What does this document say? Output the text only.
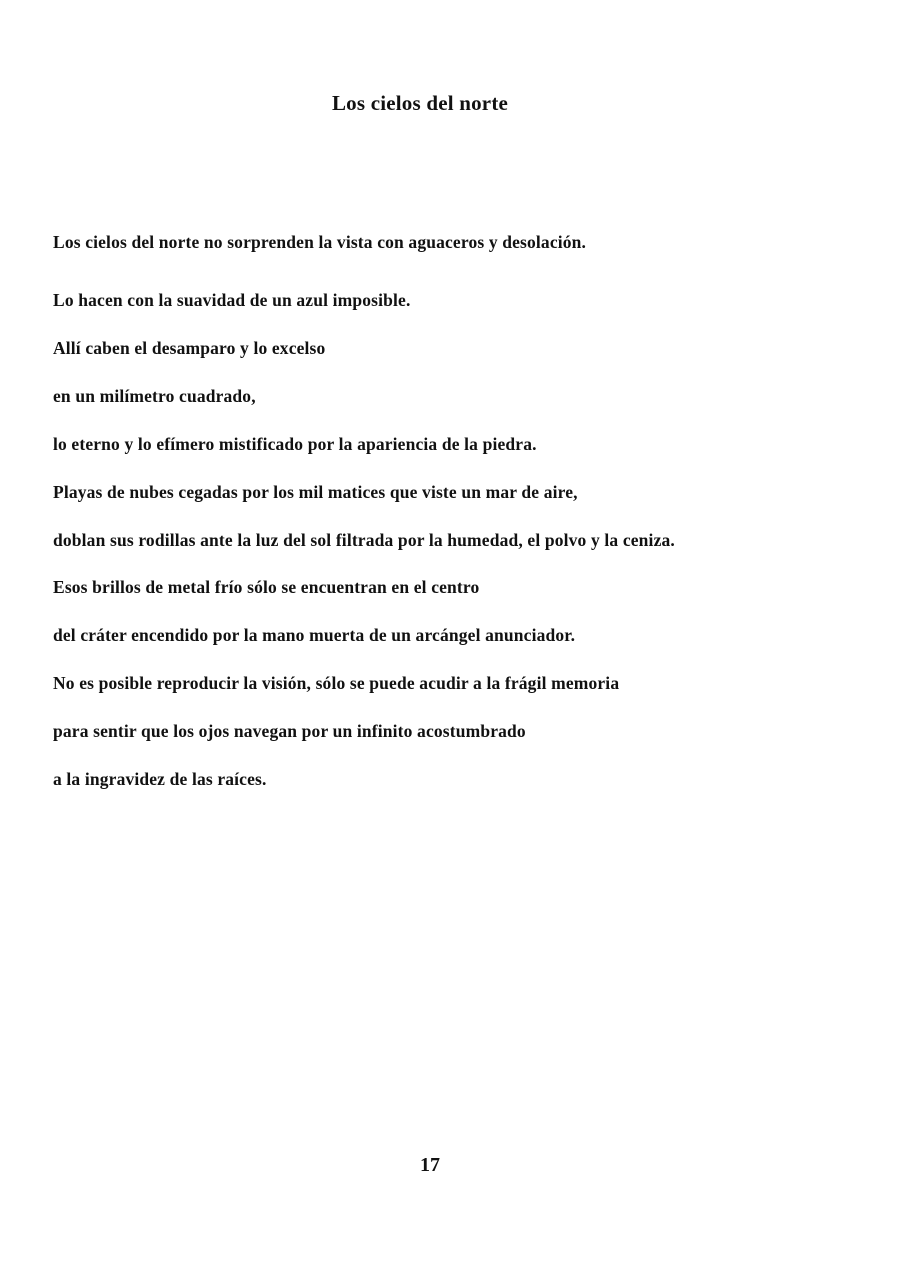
Los cielos del norte
Los cielos del norte no sorprenden la vista con aguaceros y desolación.
Lo hacen con la suavidad de un azul imposible.
Allí caben el desamparo y lo excelso
en un milímetro cuadrado,
lo eterno y lo efímero mistificado por la apariencia de la piedra.
Playas de nubes cegadas por los mil matices que viste un mar de aire,
doblan sus rodillas ante la luz del sol filtrada por la humedad, el polvo y la ceniza.
Esos brillos de metal frío sólo se encuentran en el centro
del cráter encendido por la mano muerta de un arcángel anunciador.
No es posible reproducir la visión, sólo se puede acudir a la frágil memoria
para sentir que los ojos navegan por un infinito acostumbrado
a la ingravidez de las raíces.
17
